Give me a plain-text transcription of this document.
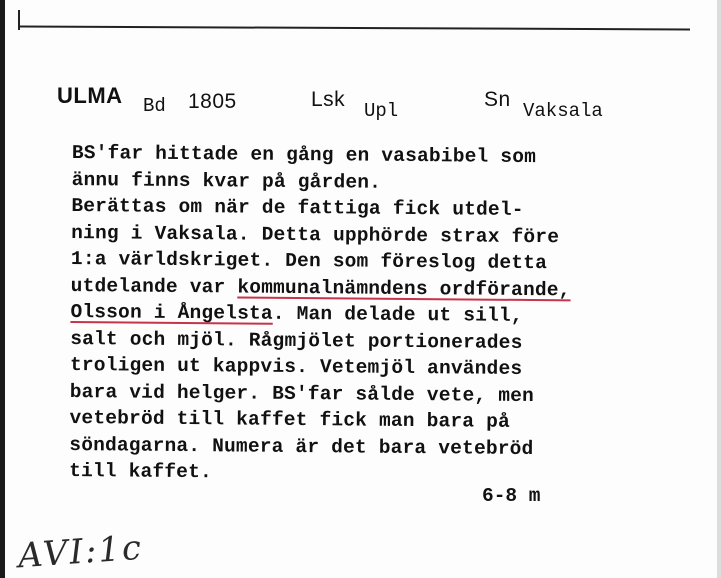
ULMA Bd 1805	Lsk Upl	Sn Vaksala
BS'far hittade en gång en vasabibel som
ännu finns kvar på gården.
Berättas om när de fattiga fick utdel-
ning i Vaksala. Detta upphörde strax före
1:a världskriget. Den som föreslog detta
utdelande var kommunalnämndens ordförande,
Olsson i Ångelsta. Man delade ut sill,
salt och mjöl. Rågmjölet portionerades
troligen ut kappvis. Vetemjöl användes
bara vid helger. BS'far sålde vete, men
vetebröd till kaffet fick man bara på
söndagarna. Numera är det bara vetebröd
till kaffet.
6-8 m
AVI:1c
